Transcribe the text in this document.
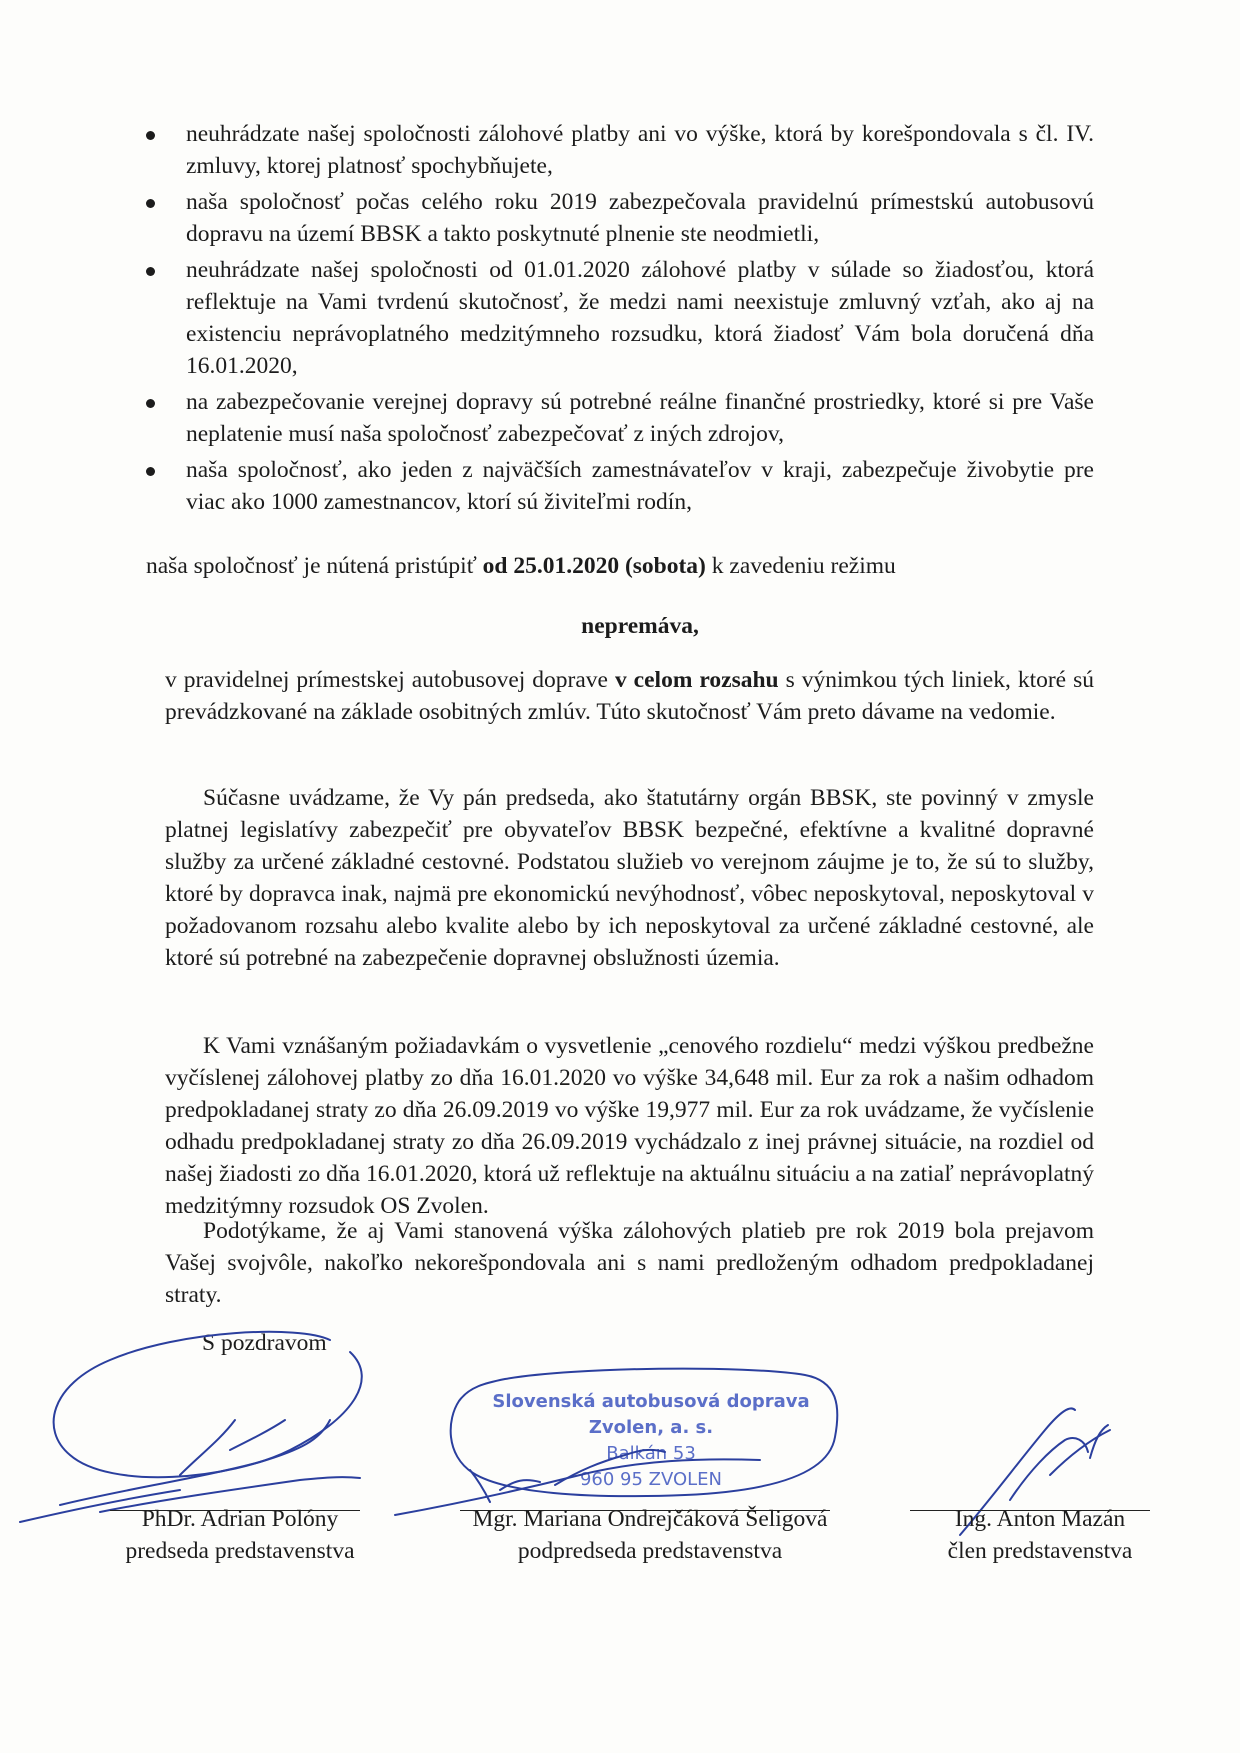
neuhrádzate našej spoločnosti zálohové platby ani vo výške, ktorá by korešpondovala s čl. IV. zmluvy, ktorej platnosť spochybňujete,
naša spoločnosť počas celého roku 2019 zabezpečovala pravidelnú prímestskú autobusovú dopravu na území BBSK a takto poskytnuté plnenie ste neodmietli,
neuhrádzate našej spoločnosti od 01.01.2020 zálohové platby v súlade so žiadosťou, ktorá reflektuje na Vami tvrdenú skutočnosť, že medzi nami neexistuje zmluvný vzťah, ako aj na existenciu neprávoplatného medzitýmneho rozsudku, ktorá žiadosť Vám bola doručená dňa 16.01.2020,
na zabezpečovanie verejnej dopravy sú potrebné reálne finančné prostriedky, ktoré si pre Vaše neplatenie musí naša spoločnosť zabezpečovať z iných zdrojov,
naša spoločnosť, ako jeden z najväčších zamestnávateľov v kraji, zabezpečuje živobytie pre viac ako 1000 zamestnancov, ktorí sú živiteľmi rodín,
naša spoločnosť je nútená pristúpiť od 25.01.2020 (sobota) k zavedeniu režimu
nepremáva,
v pravidelnej prímestskej autobusovej doprave v celom rozsahu s výnimkou tých liniek, ktoré sú prevádzkované na základe osobitných zmlúv. Túto skutočnosť Vám preto dávame na vedomie.
Súčasne uvádzame, že Vy pán predseda, ako štatutárny orgán BBSK, ste povinný v zmysle platnej legislatívy zabezpečiť pre obyvateľov BBSK bezpečné, efektívne a kvalitné dopravné služby za určené základné cestovné. Podstatou služieb vo verejnom záujme je to, že sú to služby, ktoré by dopravca inak, najmä pre ekonomickú nevýhodnosť, vôbec neposkytoval, neposkytoval v požadovanom rozsahu alebo kvalite alebo by ich neposkytoval za určené základné cestovné, ale ktoré sú potrebné na zabezpečenie dopravnej obslužnosti územia.
K Vami vznášaným požiadavkám o vysvetlenie „cenového rozdielu“ medzi výškou predbežne vyčíslenej zálohovej platby zo dňa 16.01.2020 vo výške 34,648 mil. Eur za rok a našim odhadom predpokladanej straty zo dňa 26.09.2019 vo výške 19,977 mil. Eur za rok uvádzame, že vyčíslenie odhadu predpokladanej straty zo dňa 26.09.2019 vychádzalo z inej právnej situácie, na rozdiel od našej žiadosti zo dňa 16.01.2020, ktorá už reflektuje na aktuálnu situáciu a na zatiaľ neprávoplatný medzitýmny rozsudok OS Zvolen.
Podotýkame, že aj Vami stanovená výška zálohových platieb pre rok 2019 bola prejavom Vašej svojvôle, nakoľko nekorešpondovala ani s nami predloženým odhadom predpokladanej straty.
S pozdravom
Slovenská autobusová doprava
Zvolen, a. s.
Balkán 53
960 95 ZVOLEN
PhDr. Adrian Polóny
predseda predstavenstva
Mgr. Mariana Ondrejčáková Šeligová
podpredseda predstavenstva
Ing. Anton Mazán
člen predstavenstva
